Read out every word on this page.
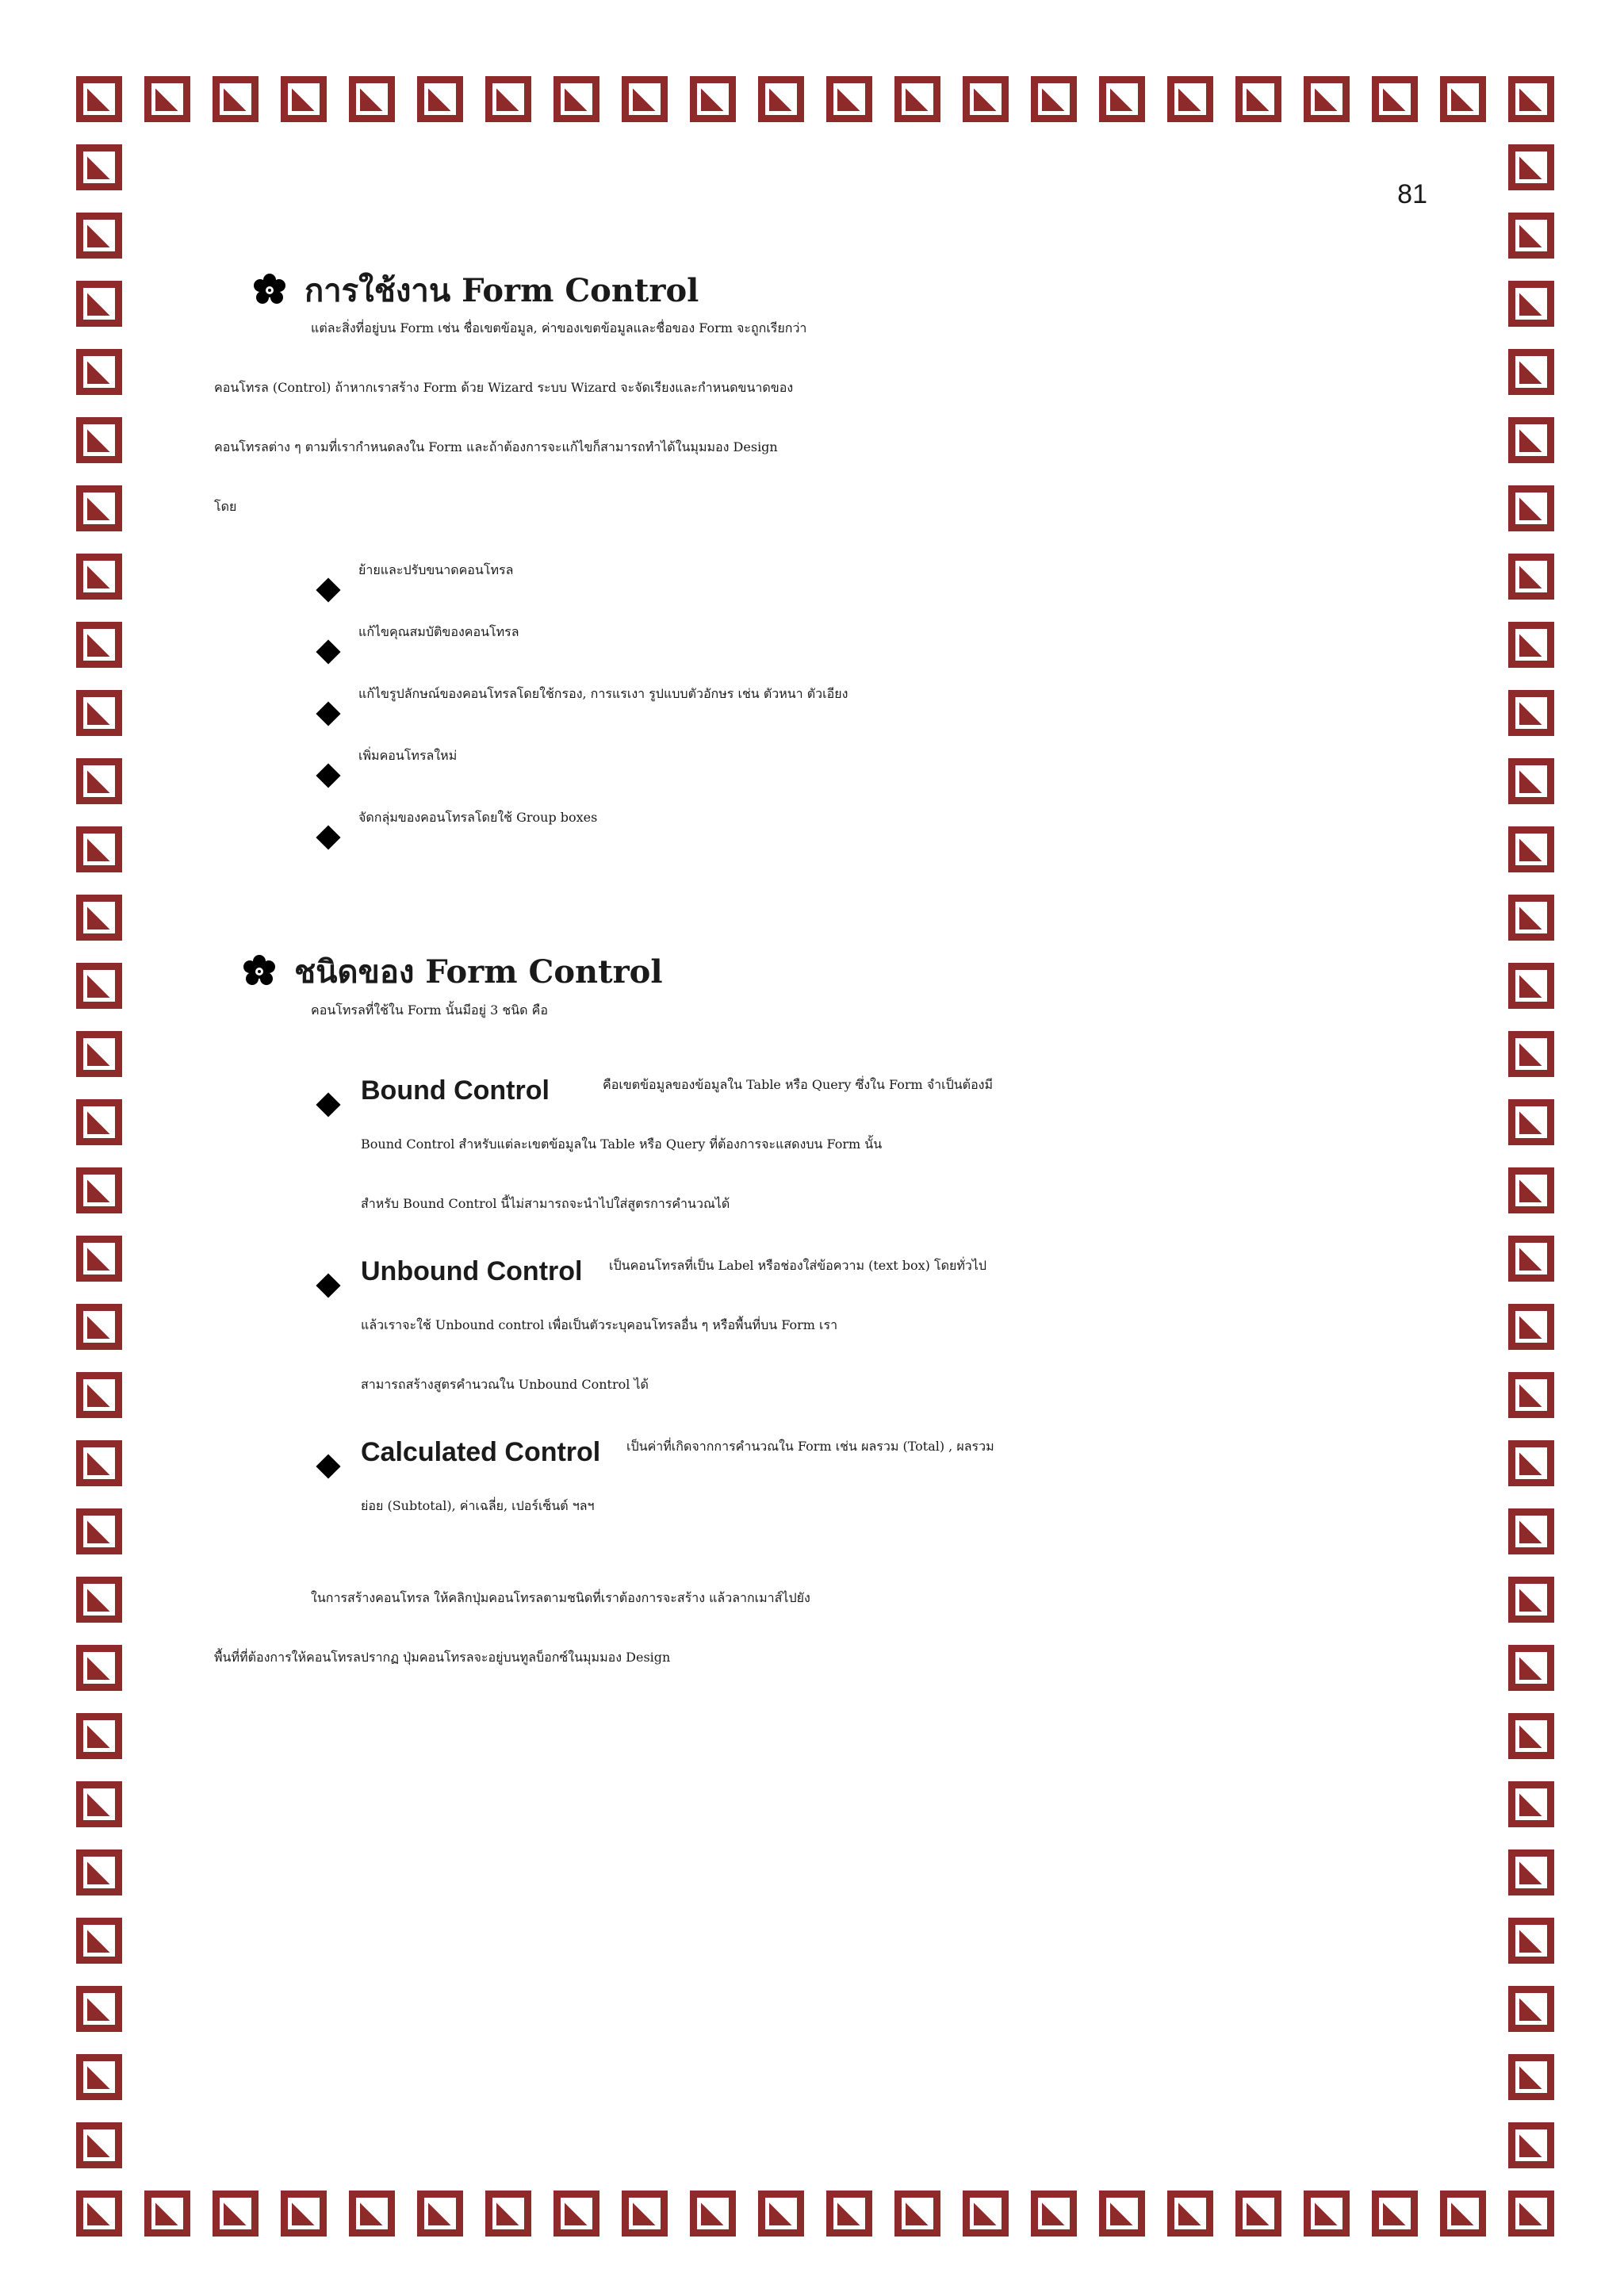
81
การใช้งาน Form Control
แต่ละสิ่งที่อยู่บน Form เช่น ชื่อเขตข้อมูล, ค่าของเขตข้อมูลและชื่อของ Form จะถูกเรียกว่า
คอนโทรล (Control) ถ้าหากเราสร้าง Form ด้วย Wizard ระบบ Wizard จะจัดเรียงและกำหนดขนาดของ
คอนโทรลต่าง ๆ ตามที่เรากำหนดลงใน Form และถ้าต้องการจะแก้ไขก็สามารถทำได้ในมุมมอง Design
โดย
ย้ายและปรับขนาดคอนโทรล
แก้ไขคุณสมบัติของคอนโทรล
แก้ไขรูปลักษณ์ของคอนโทรลโดยใช้กรอง, การแรเงา รูปแบบตัวอักษร เช่น ตัวหนา ตัวเอียง
เพิ่มคอนโทรลใหม่
จัดกลุ่มของคอนโทรลโดยใช้ Group boxes
ชนิดของ Form Control
คอนโทรลที่ใช้ใน Form นั้นมีอยู่ 3 ชนิด คือ
Bound Control	คือเขตข้อมูลของข้อมูลใน Table หรือ Query ซึ่งใน Form จำเป็นต้องมี
Bound Control สำหรับแต่ละเขตข้อมูลใน Table หรือ Query ที่ต้องการจะแสดงบน Form นั้น
สำหรับ Bound Control นี้ไม่สามารถจะนำไปใส่สูตรการคำนวณได้
Unbound Control เป็นคอนโทรลที่เป็น Label หรือช่องใส่ข้อความ (text box) โดยทั่วไป
แล้วเราจะใช้ Unbound control เพื่อเป็นตัวระบุคอนโทรลอื่น ๆ หรือพื้นที่บน Form เรา
สามารถสร้างสูตรคำนวณใน Unbound Control ได้
Calculated Control เป็นค่าที่เกิดจากการคำนวณใน Form เช่น ผลรวม (Total) , ผลรวม
ย่อย (Subtotal), ค่าเฉลี่ย, เปอร์เซ็นต์ ฯลฯ
ในการสร้างคอนโทรล ให้คลิกปุ่มคอนโทรลตามชนิดที่เราต้องการจะสร้าง แล้วลากเมาส์ไปยัง
พื้นที่ที่ต้องการให้คอนโทรลปรากฏ ปุ่มคอนโทรลจะอยู่บนทูลบ็อกซ์ในมุมมอง Design
